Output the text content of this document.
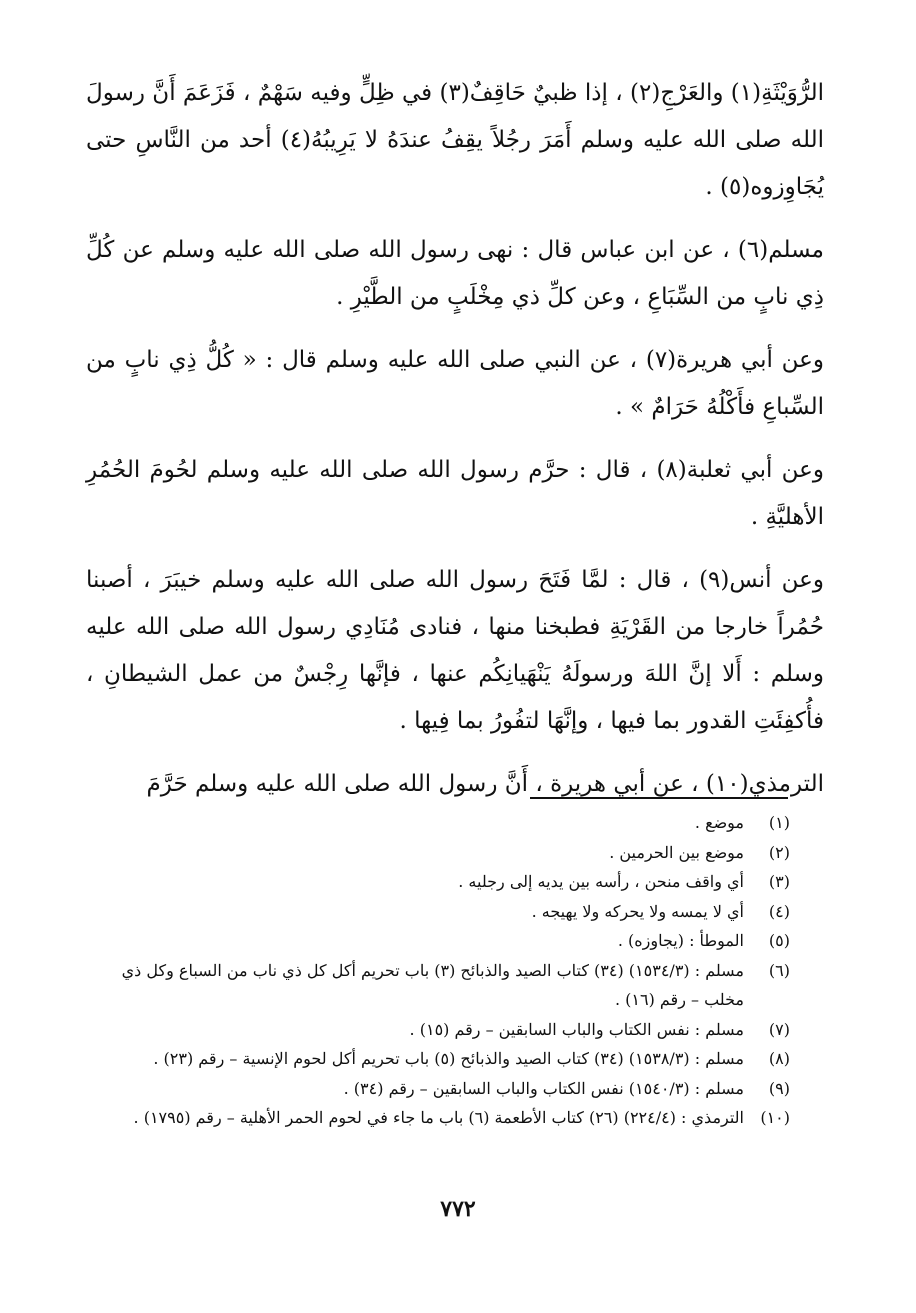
الرُّوَيْثَةِ(١) والعَرْجِ(٢) ، إذا ظبيٌ حَاقِفٌ(٣) في ظِلٍّ وفيه سَهْمٌ ، فَزَعَمَ أَنَّ رسولَ الله صلى الله عليه وسلم أَمَرَ رجُلاً يقِفُ عندَهُ لا يَرِيبُهُ(٤) أحد من النَّاسِ حتى يُجَاوِزوه(٥) .

مسلم(٦) ، عن ابن عباس قال : نهى رسول الله صلى الله عليه وسلم عن كُلِّ ذِي نابٍ من السِّبَاعِ ، وعن كلِّ ذي مِخْلَبٍ من الطَّيْرِ .

وعن أبي هريرة(٧) ، عن النبي صلى الله عليه وسلم قال : « كُلُّ ذِي نابٍ من السِّباعِ فأَكْلُهُ حَرَامٌ » .

وعن أبي ثعلبة(٨) ، قال : حرَّم رسول الله صلى الله عليه وسلم لحُومَ الحُمُرِ الأهليَّةِ .

وعن أنس(٩) ، قال : لمَّا فَتَحَ رسول الله صلى الله عليه وسلم خيبَرَ ، أصبنا حُمُراً خارجا من القَرْيَةِ فطبخنا منها ، فنادى مُنَادِي رسول الله صلى الله عليه وسلم : أَلا إنَّ اللهَ ورسولَهُ يَنْهَيانِكُم عنها ، فإنَّها رِجْسٌ من عمل الشيطانِ ، فأُكفِئَتِ القدور بما فيها ، وإنَّهَا لتفُورُ بما فِيها .

الترمذي(١٠) ، عن أبي هريرة ، أَنَّ رسول الله صلى الله عليه وسلم حَرَّمَ

(١)
موضع .
(٢)
موضع بين الحرمين .
(٣)
أي واقف منحن ، رأسه بين يديه إلى رجليه .
(٤)
أي لا يمسه ولا يحركه ولا يهيجه .
(٥)
الموطأ : (يجاوزه) .
(٦)
مسلم : (١٥٣٤/٣) (٣٤) كتاب الصيد والذبائح (٣) باب تحريم أكل كل ذي ناب من السباع وكل ذي مخلب – رقم (١٦) .
(٧)
مسلم : نفس الكتاب والباب السابقين – رقم (١٥) .
(٨)
مسلم : (١٥٣٨/٣) (٣٤) كتاب الصيد والذبائح (٥) باب تحريم أكل لحوم الإنسية – رقم (٢٣) .
(٩)
مسلم : (١٥٤٠/٣) نفس الكتاب والباب السابقين – رقم (٣٤) .
(١٠)
الترمذي : (٢٢٤/٤) (٢٦) كتاب الأطعمة (٦) باب ما جاء في لحوم الحمر الأهلية – رقم (١٧٩٥) .
٧٧٢
